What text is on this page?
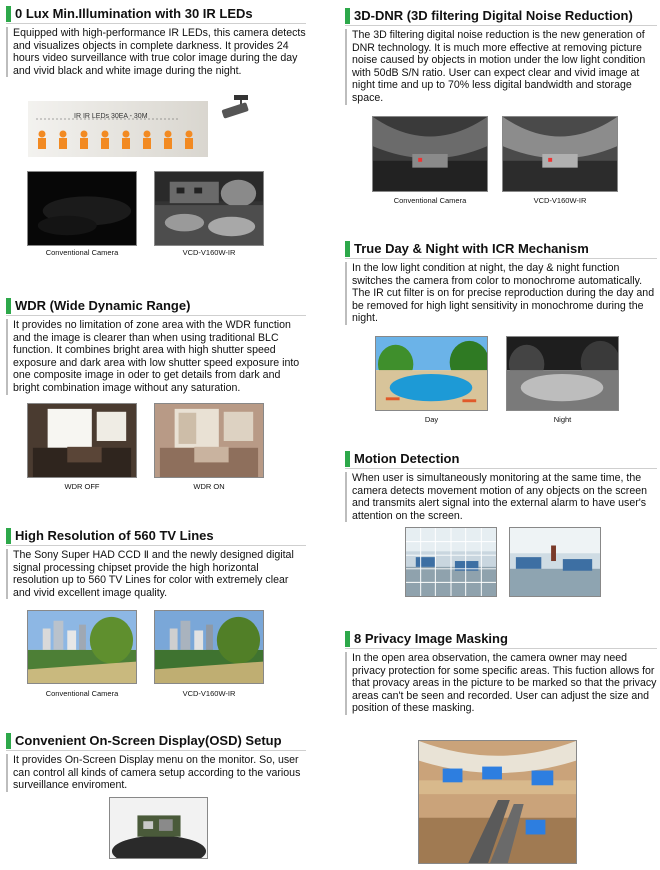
0 Lux Min.Illumination with 30 IR LEDs

Equipped with high-performance IR LEDs, this camera detects and visualizes objects in complete darkness. It provides 24 hours video surveillance with true color image during the day and vivid black and white image during the night.

IR IR LEDs 30EA - 30M
Conventional Camera	VCD-V160W-IR
WDR (Wide Dynamic Range)

It provides no limitation of zone area with the WDR function and the image is clearer than when using traditional BLC function. It combines bright area with high shutter speed exposure and dark area with low shutter speed exposure into one composite image in oder to get details from dark and bright combination image without any saturation.

WDR OFF	WDR ON
High Resolution of 560 TV Lines

The Sony Super HAD CCD Ⅱ and the newly designed digital signal processing chipset provide the high horizontal resolution up to 560 TV Lines for color with extremely clear and vivid excellent image quality.

Conventional Camera	VCD-V160W-IR
Convenient On-Screen Display(OSD) Setup

It provides On-Screen Display menu on the monitor. So, user can control all kinds of camera setup according to the various surveillance enviroment.

3D-DNR (3D filtering Digital Noise Reduction)

The 3D filtering digital noise reduction is the new generation of DNR technology. It is much more effective at removing picture noise caused by objects in motion under the low light condition with 50dB S/N ratio. User can expect clear and vivid image at night time and up to 70% less digital bandwidth and storage space.

Conventional Camera	VCD-V160W-IR
True Day & Night with ICR Mechanism

In the low light condition at night, the day & night function switches the camera from color to monochrome automatically. The IR cut filter is on for precise reproduction during the day and be removed for high light sensitivity in monochrome during the night.

Day	Night
Motion Detection

When user is simultaneously monitoring at the same time, the camera detects movement motion of any objects on the screen and transmits alert signal into the external alarm to have user's attention on the screen.

8 Privacy Image Masking

In the open area observation, the camera owner may need privacy protection for some specific areas. This fuction allows for that provacy areas in the picture to be marked so that the privacy areas can't be seen and recorded. User can adjust the size and position of these masking.
